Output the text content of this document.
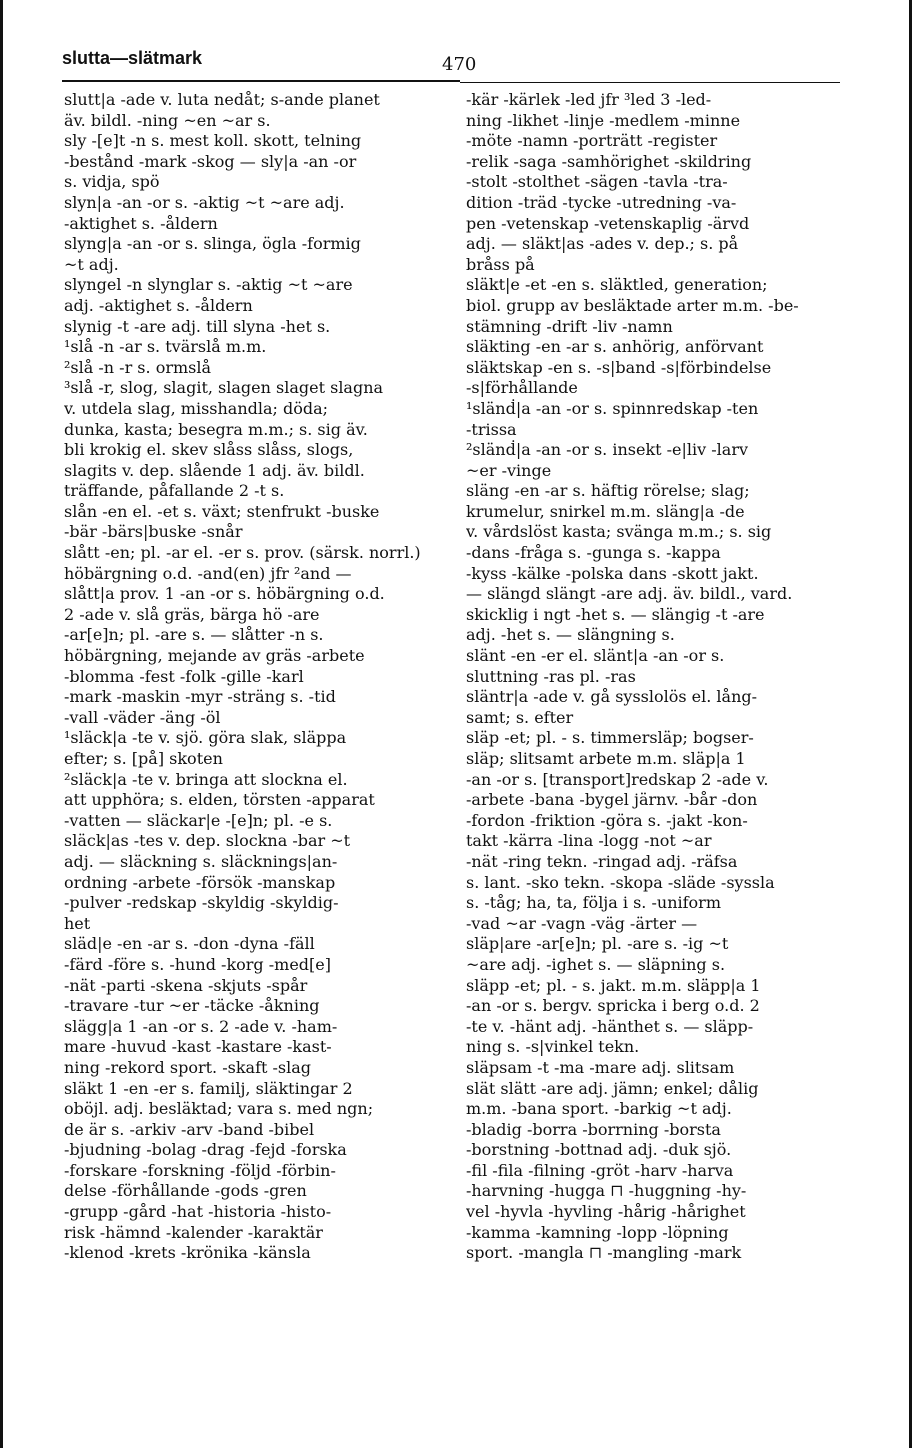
slutta—slätmark	470
slutt|a -ade v. luta nedåt; s-ande planet
äv. bildl. -ning ~en ~ar s.
sly -[e]t -n s. mest koll. skott, telning
-bestånd -mark -skog — sly|a -an -or
s. vidja, spö
slyn|a -an -or s. -aktig ~t ~are adj.
-aktighet s. -åldern
slyng|a -an -or s. slinga, ögla -formig
~t adj.
slyngel -n slynglar s. -aktig ~t ~are
adj. -aktighet s. -åldern
slynig -t -are adj. till slyna -het s.
¹slå -n -ar s. tvärslå m.m.
²slå -n -r s. ormslå
³slå -r, slog, slagit, slagen slaget slagna
v. utdela slag, misshandla; döda;
dunka, kasta; besegra m.m.; s. sig äv.
bli krokig el. skev slåss slåss, slogs,
slagits v. dep. slående 1 adj. äv. bildl.
träffande, påfallande 2 -t s.
slån -en el. -et s. växt; stenfrukt -buske
-bär -bärs|buske -snår
slått -en; pl. -ar el. -er s. prov. (särsk. norrl.)
höbärgning o.d. -and(en) jfr ²and —
slått|a prov. 1 -an -or s. höbärgning o.d.
2 -ade v. slå gräs, bärga hö -are
-ar[e]n; pl. -are s. — slåtter -n s.
höbärgning, mejande av gräs -arbete
-blomma -fest -folk -gille -karl
-mark -maskin -myr -sträng s. -tid
-vall -väder -äng -öl
¹släck|a -te v. sjö. göra slak, släppa
efter; s. [på] skoten
²släck|a -te v. bringa att slockna el.
att upphöra; s. elden, törsten -apparat
-vatten — släckar|e -[e]n; pl. -e s.
släck|as -tes v. dep. slockna -bar ~t
adj. — släckning s. släcknings|an-
ordning -arbete -försök -manskap
-pulver -redskap -skyldig -skyldig-
het
släd|e -en -ar s. -don -dyna -fäll
-färd -före s. -hund -korg -med[e]
-nät -parti -skena -skjuts -spår
-travare -tur ~er -täcke -åkning
slägg|a 1 -an -or s. 2 -ade v. -ham-
mare -huvud -kast -kastare -kast-
ning -rekord sport. -skaft -slag
släkt 1 -en -er s. familj, släktingar 2
oböjl. adj. besläktad; vara s. med ngn;
de är s. -arkiv -arv -band -bibel
-bjudning -bolag -drag -fejd -forska
-forskare -forskning -följd -förbin-
delse -förhållande -gods -gren
-grupp -gård -hat -historia -histo-
risk -hämnd -kalender -karaktär
-klenod -krets -krönika -känsla
-kär -kärlek -led jfr ³led 3 -led-
ning -likhet -linje -medlem -minne
-möte -namn -porträtt -register
-relik -saga -samhörighet -skildring
-stolt -stolthet -sägen -tavla -tra-
dition -träd -tycke -utredning -va-
pen -vetenskap -vetenskaplig -ärvd
adj. — släkt|as -ades v. dep.; s. på
bråss på
släkt|e -et -en s. släktled, generation;
biol. grupp av besläktade arter m.m. -be-
stämning -drift -liv -namn
släkting -en -ar s. anhörig, anförvant
släktskap -en s. -s|band -s|förbindelse
-s|förhållande
¹slänḋ|a -an -or s. spinnredskap -ten
-trissa
²slänḋ|a -an -or s. insekt -e|liv -larv
~er -vinge
släng -en -ar s. häftig rörelse; slag;
krumelur, snirkel m.m. släng|a -de
v. vårdslöst kasta; svänga m.m.; s. sig
-dans -fråga s. -gunga s. -kappa
-kyss -kälke -polska dans -skott jakt.
— slängd slängt -are adj. äv. bildl., vard.
skicklig i ngt -het s. — slängig -t -are
adj. -het s. — slängning s.
slänt -en -er el. slänt|a -an -or s.
sluttning -ras pl. -ras
släntr|a -ade v. gå sysslolös el. lång-
samt; s. efter
släp -et; pl. - s. timmersläp; bogser-
släp; slitsamt arbete m.m. släp|a 1
-an -or s. [transport]redskap 2 -ade v.
-arbete -bana -bygel järnv. -bår -don
-fordon -friktion -göra s. -jakt -kon-
takt -kärra -lina -logg -not ~ar
-nät -ring tekn. -ringad adj. -räfsa
s. lant. -sko tekn. -skopa -släde -syssla
s. -tåg; ha, ta, följa i s. -uniform
-vad ~ar -vagn -väg -ärter —
släp|are -ar[e]n; pl. -are s. -ig ~t
~are adj. -ighet s. — släpning s.
släpp -et; pl. - s. jakt. m.m. släpp|a 1
-an -or s. bergv. spricka i berg o.d. 2
-te v. -hänt adj. -hänthet s. — släpp-
ning s. -s|vinkel tekn.
släpsam -t -ma -mare adj. slitsam
slät slätt -are adj. jämn; enkel; dålig
m.m. -bana sport. -barkig ~t adj.
-bladig -borra -borrning -borsta
-borstning -bottnad adj. -duk sjö.
-fil -fila -filning -gröt -harv -harva
-harvning -hugga ⊓ -huggning -hy-
vel -hyvla -hyvling -hårig -hårighet
-kamma -kamning -lopp -löpning
sport. -mangla ⊓ -mangling -mark
